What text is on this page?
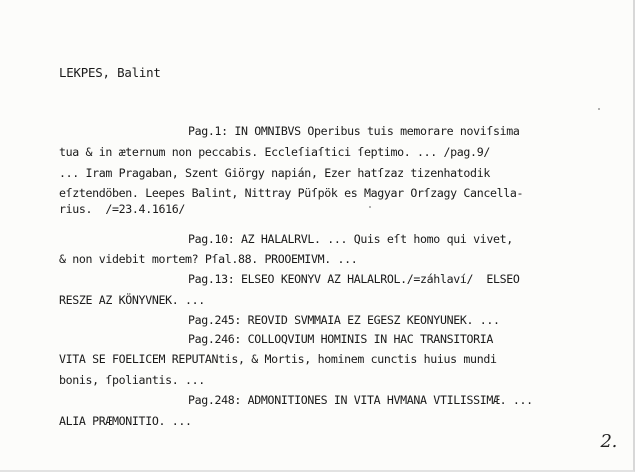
LEKPES, Balint
Pag.1: IN OMNIBVS Operibus tuis memorare noviſsima
tua & in æternum non peccabis. Eccleſiaſtici ſeptimo. ... /pag.9/
... Iram Pragaban, Szent Giörgy napián, Ezer hatſzaz tizenhatodik
eſztendöben. Leepes Balint, Nittray Püſpök es Magyar Orſzagy Cancella-
rius.  /=23.4.1616/
Pag.10: AZ HALALRVL. ... Quis eſt homo qui vivet,
& non videbit mortem? Pſal.88. PROOEMIVM. ...
Pag.13: ELSEO KEONYV AZ HALALROL./=záhlaví/  ELSEO
RESZE AZ KÖNYVNEK. ...
Pag.245: REOVID SVMMAIA EZ EGESZ KEONYUNEK. ...
Pag.246: COLLOQVIUM HOMINIS IN HAC TRANSITORIA
VITA SE FOELICEM REPUTANtis, & Mortis, hominem cunctis huius mundi
bonis, ſpoliantis. ...
Pag.248: ADMONITIONES IN VITA HVMANA VTILISSIMÆ. ...
ALIA PRÆMONITIO. ...
2.
